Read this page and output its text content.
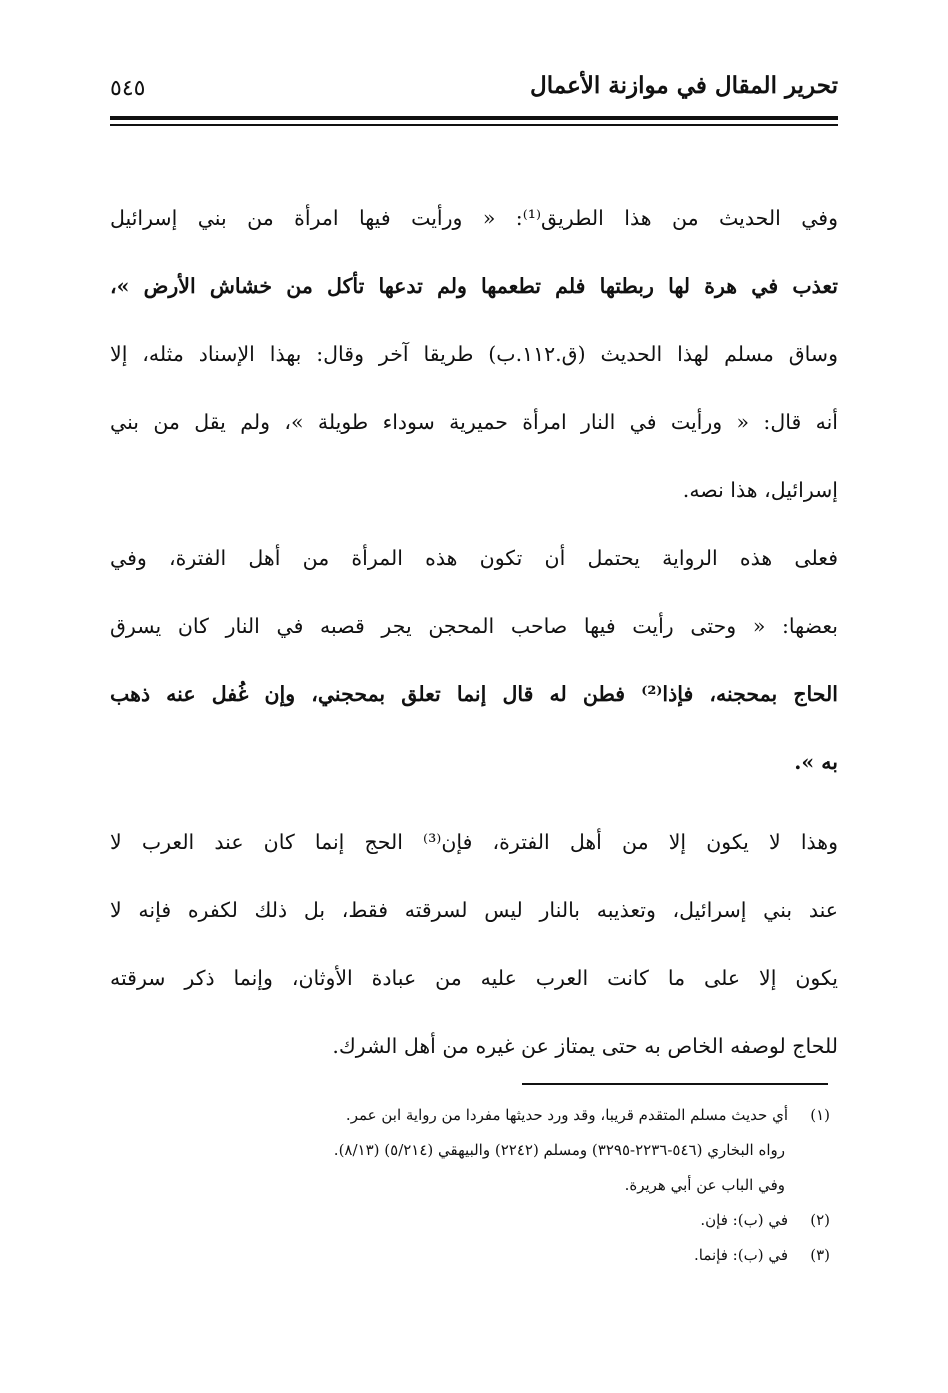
تحرير المقال في موازنة الأعمال
٥٤٥
وفي الحديث من هذا الطريق⁽¹⁾: « ورأيت فيها امرأة من بني إسرائيل
تعذب في هرة لها ربطتها فلم تطعمها ولم تدعها تأكل من خشاش الأرض »،
وساق مسلم لهذا الحديث (ق.١١٢.ب) طريقا آخر وقال: بهذا الإسناد مثله، إلا
أنه قال: « ورأيت في النار امرأة حميرية سوداء طويلة »، ولم يقل من بني
إسرائيل، هذا نصه.
فعلى هذه الرواية يحتمل أن تكون هذه المرأة من أهل الفترة، وفي
بعضها: « وحتى رأيت فيها صاحب المحجن يجر قصبه في النار كان يسرق
الحاج بمحجنه، فإذا⁽²⁾ فطن له قال إنما تعلق بمحجني، وإن غُفل عنه ذهب
به ».
وهذا لا يكون إلا من أهل الفترة، فإن⁽³⁾ الحج إنما كان عند العرب لا
عند بني إسرائيل، وتعذيبه بالنار ليس لسرقته فقط، بل ذلك لكفره فإنه لا
يكون إلا على ما كانت العرب عليه من عبادة الأوثان، وإنما ذكر سرقته
للحاج لوصفه الخاص به حتى يمتاز عن غيره من أهل الشرك.
(١)أي حديث مسلم المتقدم قريبا، وقد ورد حديثها مفردا من رواية ابن عمر.
رواه البخاري (٥٤٦-٢٢٣٦-٣٢٩٥) ومسلم (٢٢٤٢) والبيهقي (٥/٢١٤) (٨/١٣).
وفي الباب عن أبي هريرة.
(٢)في (ب): فإن.
(٣)في (ب): فإنما.
